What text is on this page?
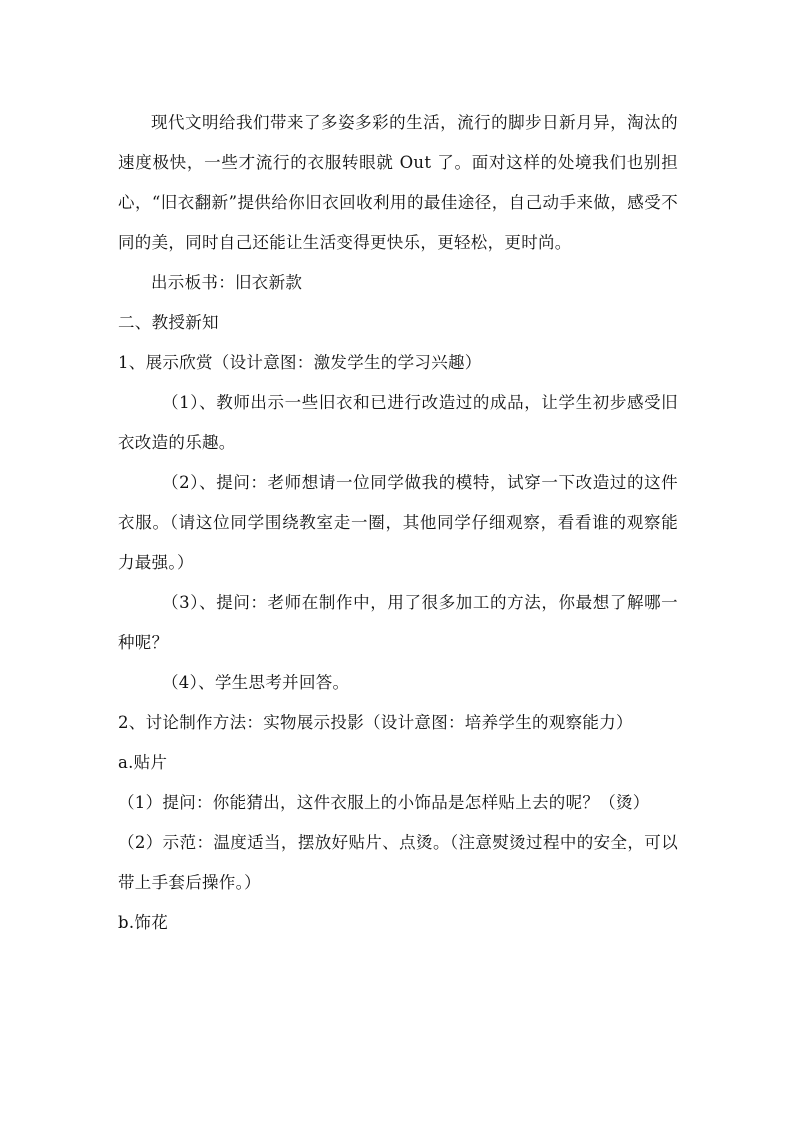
现代文明给我们带来了多姿多彩的生活，流行的脚步日新月异，淘汰的速度极快，一些才流行的衣服转眼就 Out 了。面对这样的处境我们也别担心，“旧衣翻新”提供给你旧衣回收利用的最佳途径，自己动手来做，感受不同的美，同时自己还能让生活变得更快乐，更轻松，更时尚。

出示板书：旧衣新款

二、教授新知

1、展示欣赏（设计意图：激发学生的学习兴趣）

（1）、教师出示一些旧衣和已进行改造过的成品，让学生初步感受旧衣改造的乐趣。

（2）、提问：老师想请一位同学做我的模特，试穿一下改造过的这件衣服。（请这位同学围绕教室走一圈，其他同学仔细观察，看看谁的观察能力最强。）

（3）、提问：老师在制作中，用了很多加工的方法，你最想了解哪一种呢？

（4）、学生思考并回答。

2、讨论制作方法：实物展示投影（设计意图：培养学生的观察能力）

a.贴片

（1）提问：你能猜出，这件衣服上的小饰品是怎样贴上去的呢？（烫）

（2）示范：温度适当，摆放好贴片、点烫。（注意熨烫过程中的安全，可以带上手套后操作。）

b.饰花
